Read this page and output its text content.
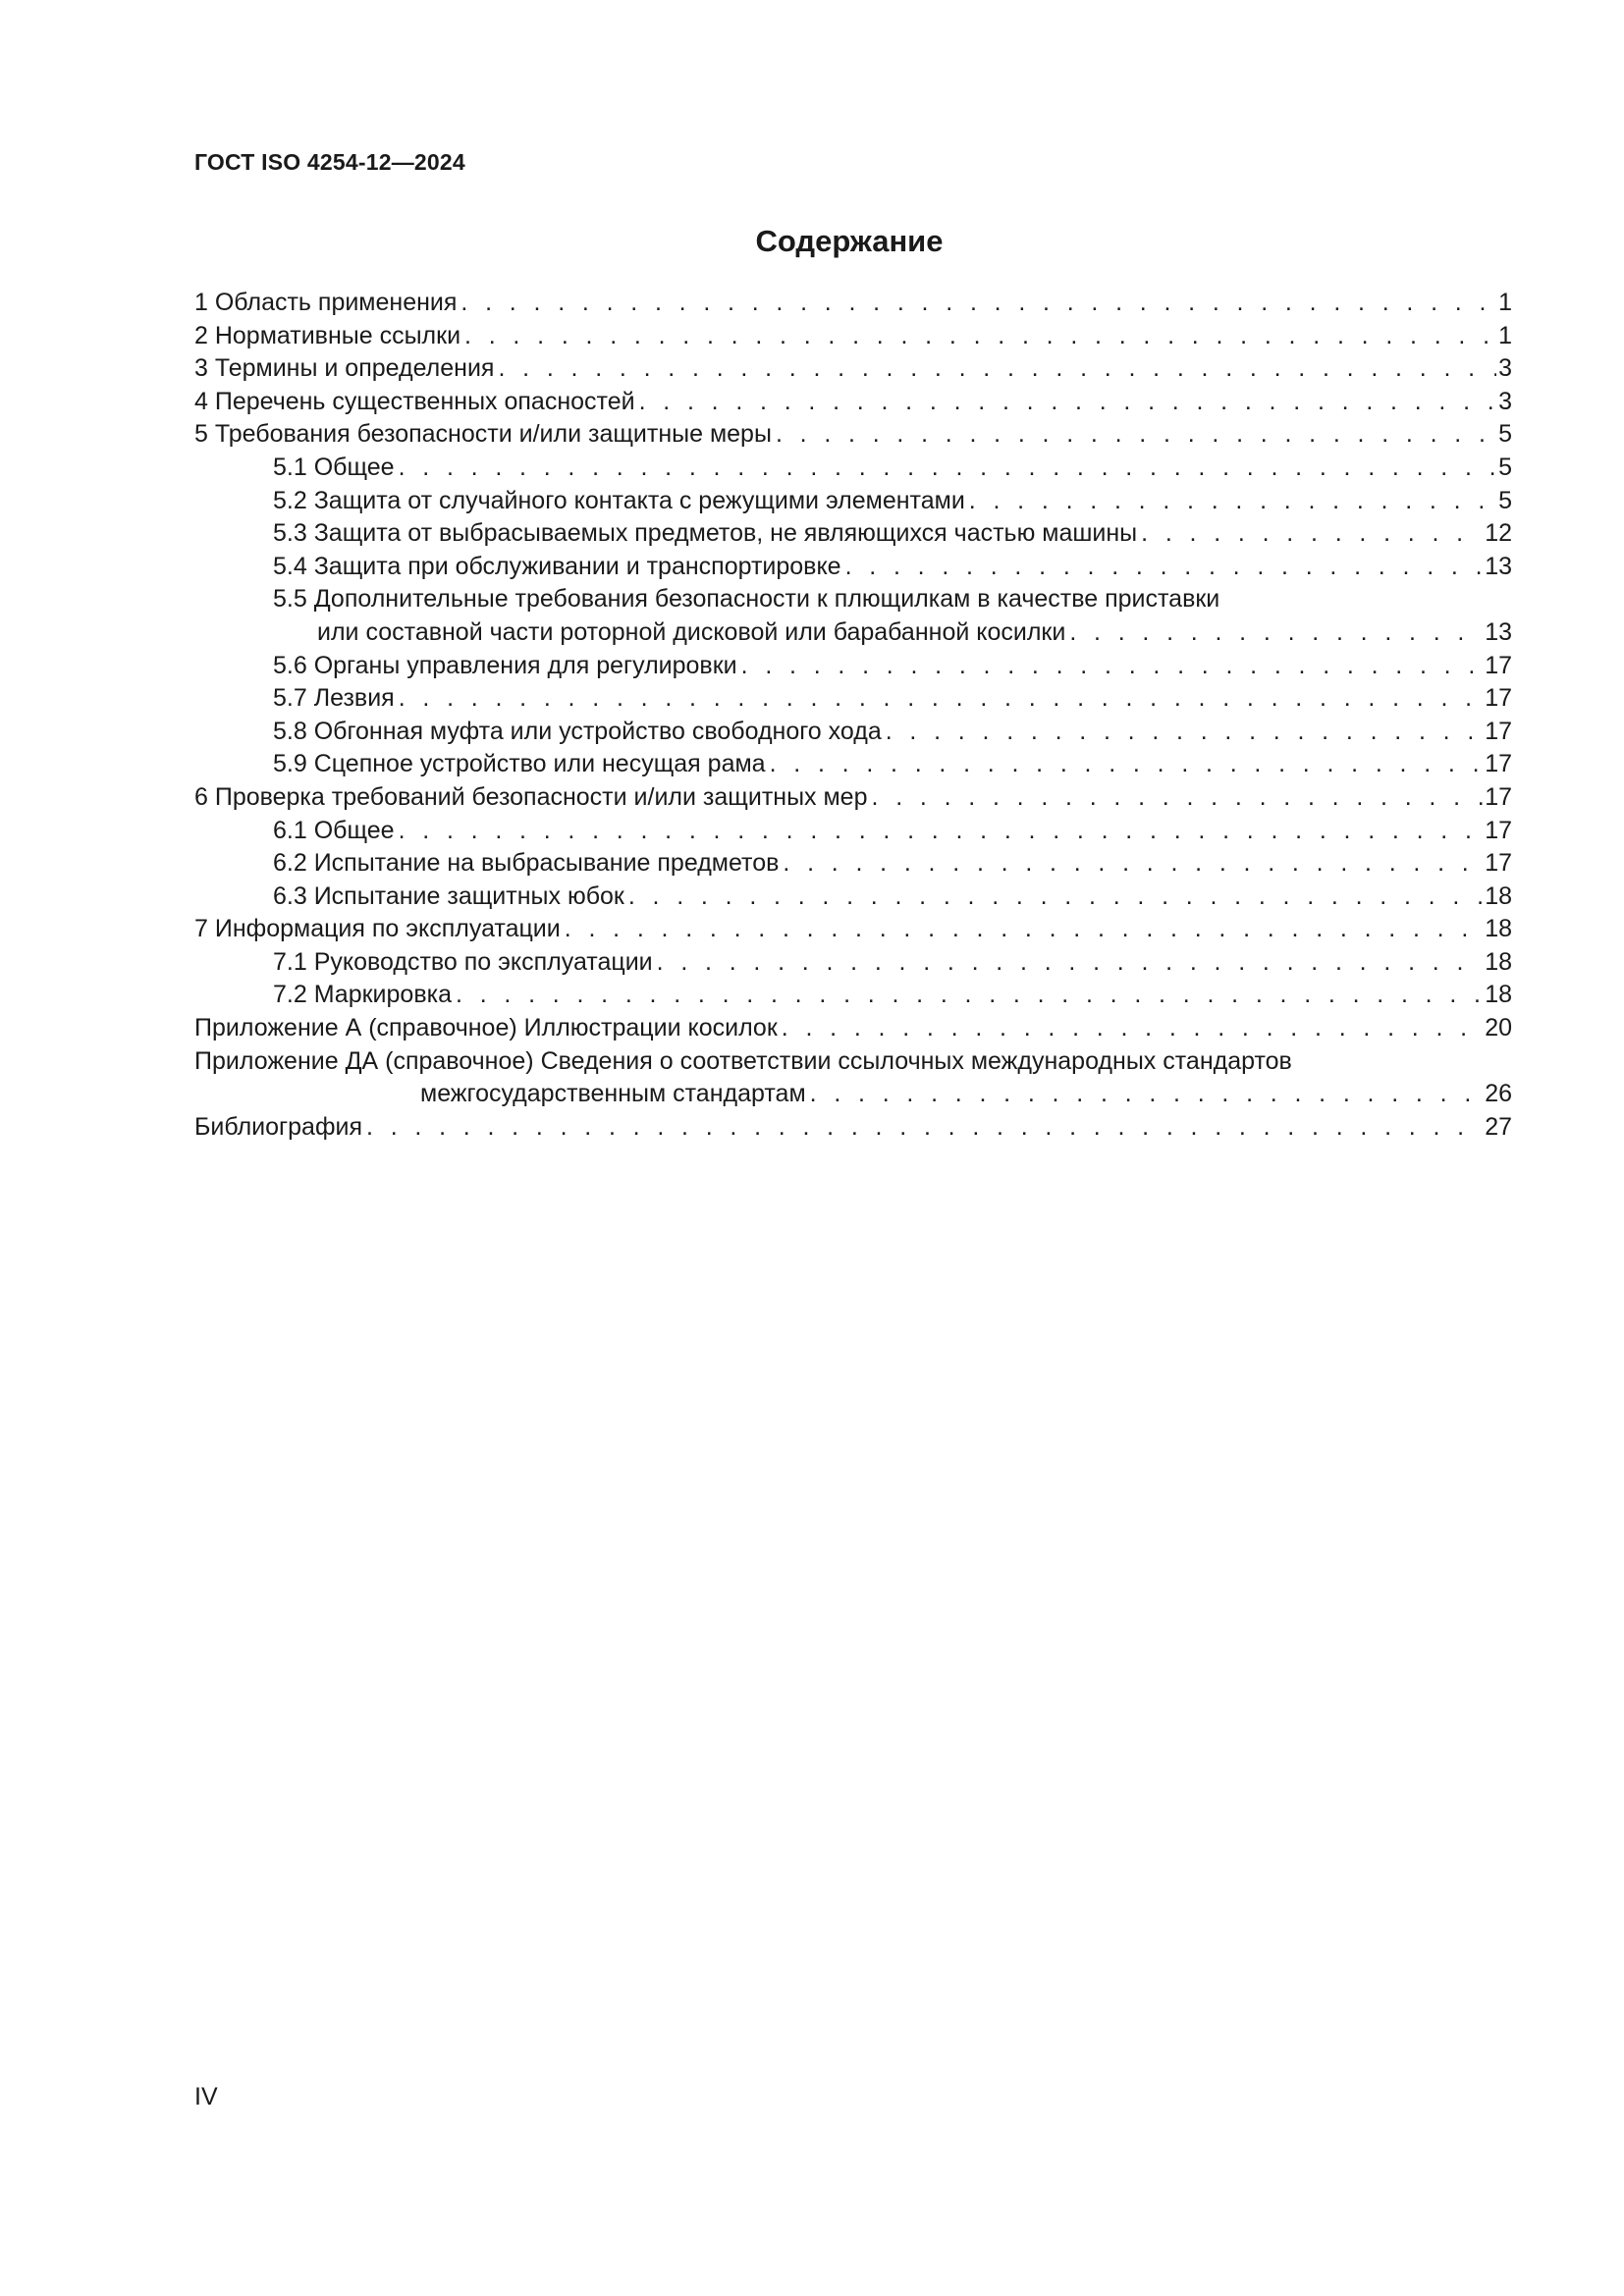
ГОСТ ISO 4254-12—2024
Содержание
1 Область применения . . .	1
2 Нормативные ссылки . . .	1
3 Термины и определения . . .	3
4 Перечень существенных опасностей . . .	3
5 Требования безопасности и/или защитные меры . . .	5
5.1 Общее . . .	5
5.2 Защита от случайного контакта с режущими элементами . . .	5
5.3 Защита от выбрасываемых предметов, не являющихся частью машины . . .	12
5.4 Защита при обслуживании и транспортировке . . .	13
5.5 Дополнительные требования безопасности к плющилкам в качестве приставки
или составной части роторной дисковой или барабанной косилки . . .	13
5.6 Органы управления для регулировки . . .	17
5.7 Лезвия . . .	17
5.8 Обгонная муфта или устройство свободного хода . . .	17
5.9 Сцепное устройство или несущая рама . . .	17
6 Проверка требований безопасности и/или защитных мер . . .	17
6.1 Общее . . .	17
6.2 Испытание на выбрасывание предметов . . .	17
6.3 Испытание защитных юбок . . .	18
7 Информация по эксплуатации . . .	18
7.1 Руководство по эксплуатации . . .	18
7.2 Маркировка . . .	18
Приложение А (справочное) Иллюстрации косилок . . .	20
Приложение ДА (справочное) Сведения о соответствии ссылочных международных стандартов
межгосударственным стандартам . . .	26
Библиография . . .	27
IV
